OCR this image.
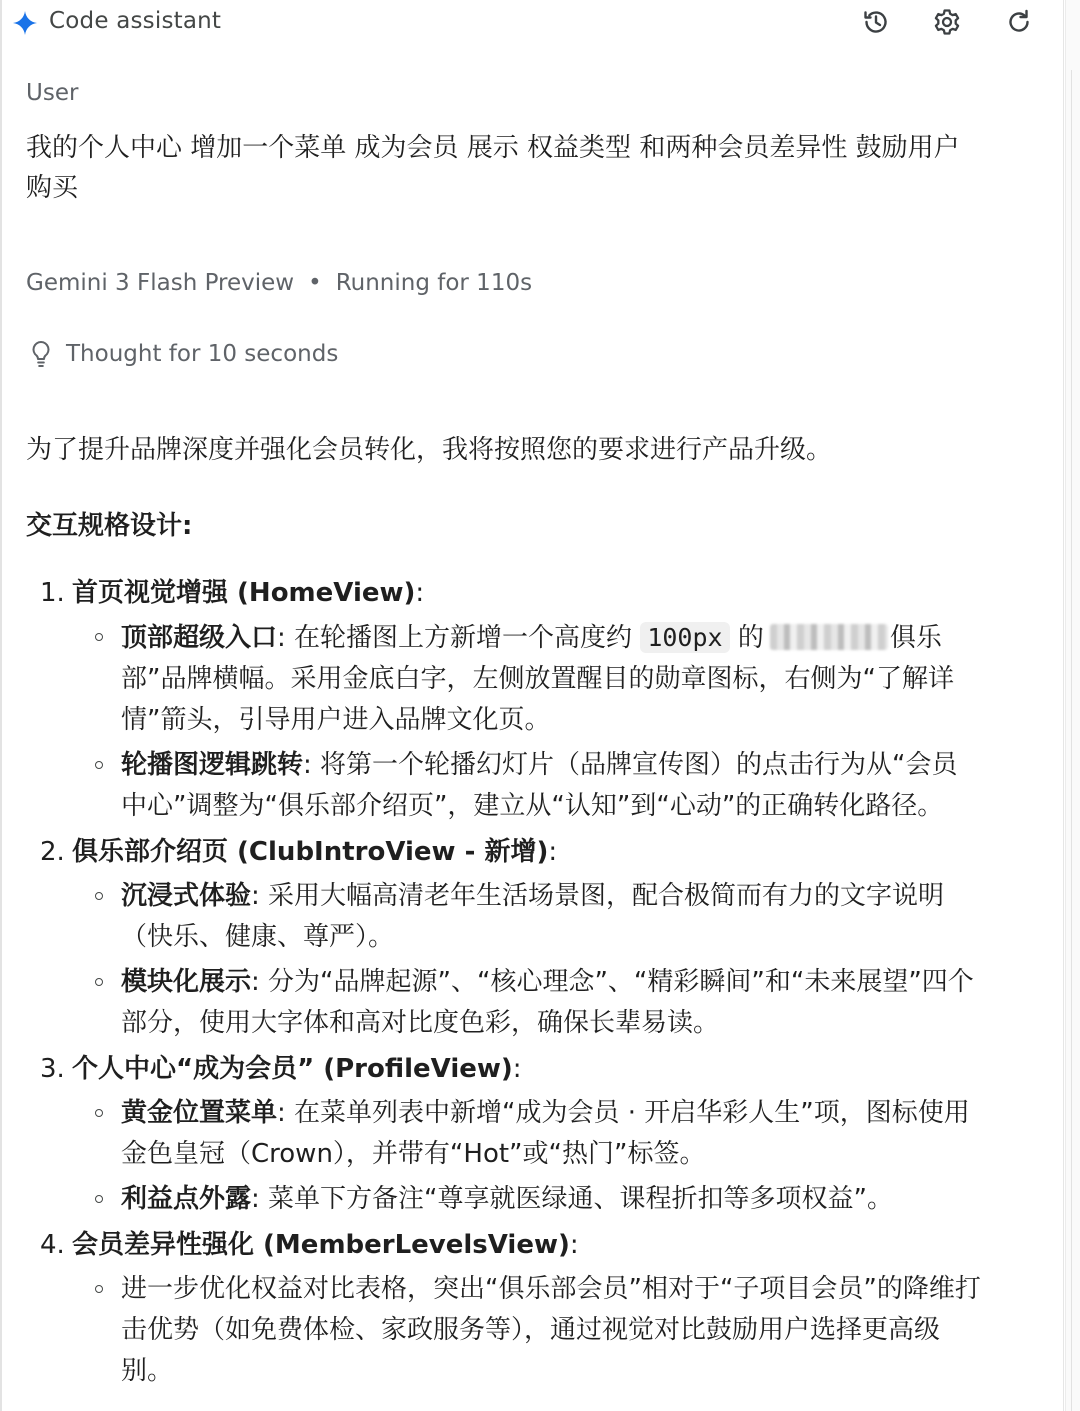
Code assistant
User
我的个人中心 增加一个菜单 成为会员 展示 权益类型 和两种会员差异性 鼓励用户
购买
Gemini 3 Flash Preview • Running for 110s
Thought for 10 seconds
为了提升品牌深度并强化会员转化，我将按照您的要求进行产品升级。
交互规格设计:
1. 首页视觉增强 (HomeView):
顶部超级入口: 在轮播图上方新增一个高度约 100px 的	俱乐
部”品牌横幅。采用金底白字，左侧放置醒目的勋章图标，右侧为“了解详
情”箭头，引导用户进入品牌文化页。
轮播图逻辑跳转: 将第一个轮播幻灯片（品牌宣传图）的点击行为从“会员
中心”调整为“俱乐部介绍页”，建立从“认知”到“心动”的正确转化路径。
2. 俱乐部介绍页 (ClubIntroView - 新增):
沉浸式体验: 采用大幅高清老年生活场景图，配合极简而有力的文字说明
（快乐、健康、尊严）。
模块化展示: 分为“品牌起源”、“核心理念”、“精彩瞬间”和“未来展望”四个
部分，使用大字体和高对比度色彩，确保长辈易读。
3. 个人中心“成为会员” (ProfileView):
黄金位置菜单: 在菜单列表中新增“成为会员 · 开启华彩人生”项，图标使用
金色皇冠（Crown），并带有“Hot”或“热门”标签。
利益点外露: 菜单下方备注“尊享就医绿通、课程折扣等多项权益”。
4. 会员差异性强化 (MemberLevelsView):
进一步优化权益对比表格，突出“俱乐部会员”相对于“子项目会员”的降维打
击优势（如免费体检、家政服务等），通过视觉对比鼓励用户选择更高级
别。
